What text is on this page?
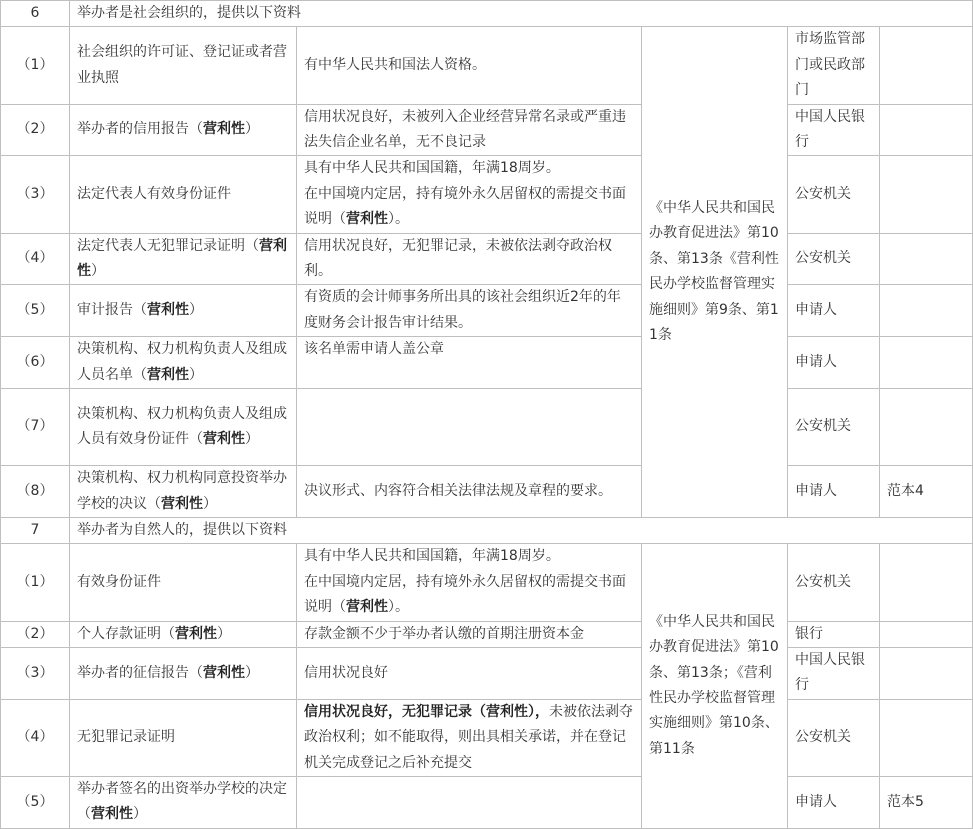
6	举办者是社会组织的，提供以下资料				
（1）	社会组织的许可证、登记证或者营业执照	有中华人民共和国法人资格。	《中华人民共和国民办教育促进法》第10条、第13条《营利性民办学校监督管理实施细则》第9条、第11条	市场监管部门或民政部门	
（2）	举办者的信用报告（营利性）	信用状况良好，未被列入企业经营异常名录或严重违法失信企业名单，无不良记录		中国人民银行	
（3）	法定代表人有效身份证件	具有中华人民共和国国籍，年满18周岁。
在中国境内定居，持有境外永久居留权的需提交书面说明（营利性）。		公安机关	
（4）	法定代表人无犯罪记录证明（营利性）	信用状况良好，无犯罪记录，未被依法剥夺政治权利。		公安机关	
（5）	审计报告（营利性）	有资质的会计师事务所出具的该社会组织近2年的年度财务会计报告审计结果。		申请人	
（6）	决策机构、权力机构负责人及组成人员名单（营利性）	该名单需申请人盖公章		申请人	
（7）	决策机构、权力机构负责人及组成人员有效身份证件（营利性）			公安机关	
（8）	决策机构、权力机构同意投资举办学校的决议（营利性）	决议形式、内容符合相关法律法规及章程的要求。		申请人	范本4
7	举办者为自然人的，提供以下资料				
（1）	有效身份证件	具有中华人民共和国国籍，年满18周岁。
在中国境内定居，持有境外永久居留权的需提交书面说明（营利性）。	《中华人民共和国民办教育促进法》第10条、第13条；《营利性民办学校监督管理实施细则》第10条、第11条	公安机关	
（2）	个人存款证明（营利性）	存款金额不少于举办者认缴的首期注册资本金		银行	
（3）	举办者的征信报告（营利性）	信用状况良好		中国人民银行	
（4）	无犯罪记录证明	信用状况良好，无犯罪记录（营利性），未被依法剥夺政治权利；如不能取得，则出具相关承诺，并在登记机关完成登记之后补充提交		公安机关	
（5）	举办者签名的出资举办学校的决定（营利性）			申请人	范本5
